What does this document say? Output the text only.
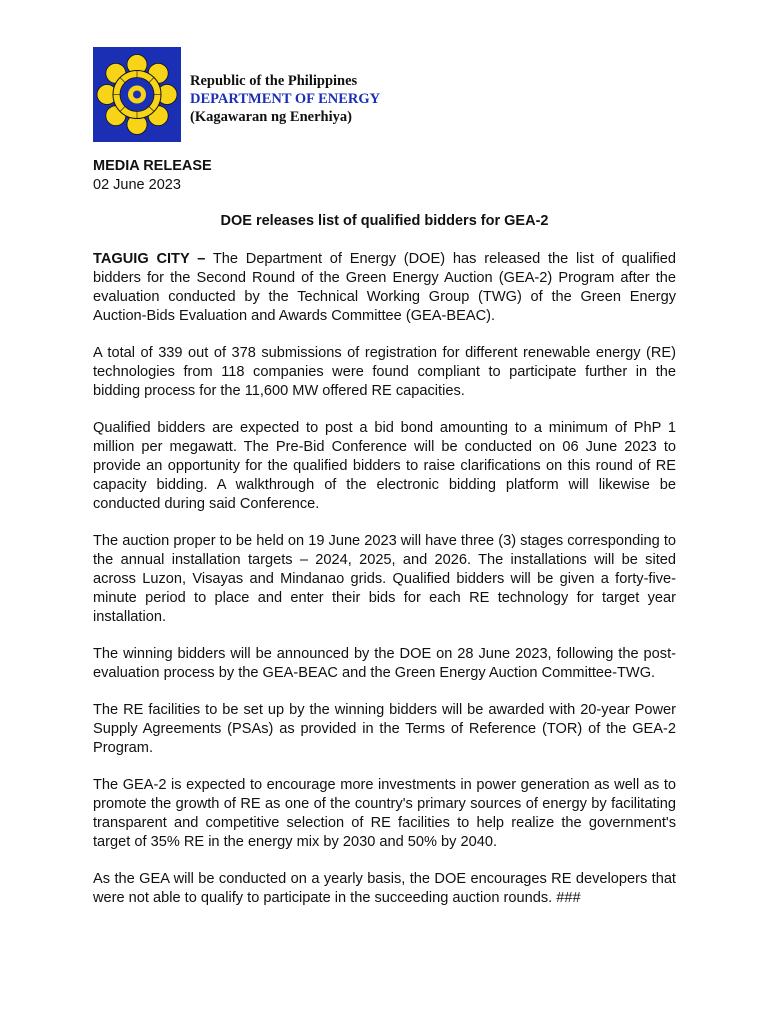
Republic of the Philippines
DEPARTMENT OF ENERGY
(Kagawaran ng Enerhiya)
MEDIA RELEASE
02 June 2023
DOE releases list of qualified bidders for GEA-2

TAGUIG CITY – The Department of Energy (DOE) has released the list of qualified bidders for the Second Round of the Green Energy Auction (GEA-2) Program after the evaluation conducted by the Technical Working Group (TWG) of the Green Energy Auction-Bids Evaluation and Awards Committee (GEA-BEAC).

A total of 339 out of 378 submissions of registration for different renewable energy (RE) technologies from 118 companies were found compliant to participate further in the bidding process for the 11,600 MW offered RE capacities.

Qualified bidders are expected to post a bid bond amounting to a minimum of PhP 1 million per megawatt. The Pre-Bid Conference will be conducted on 06 June 2023 to provide an opportunity for the qualified bidders to raise clarifications on this round of RE capacity bidding. A walkthrough of the electronic bidding platform will likewise be conducted during said Conference.

The auction proper to be held on 19 June 2023 will have three (3) stages corresponding to the annual installation targets – 2024, 2025, and 2026. The installations will be sited across Luzon, Visayas and Mindanao grids. Qualified bidders will be given a forty-five-minute period to place and enter their bids for each RE technology for target year installation.

The winning bidders will be announced by the DOE on 28 June 2023, following the post-evaluation process by the GEA-BEAC and the Green Energy Auction Committee-TWG.

The RE facilities to be set up by the winning bidders will be awarded with 20-year Power Supply Agreements (PSAs) as provided in the Terms of Reference (TOR) of the GEA-2 Program.

The GEA-2 is expected to encourage more investments in power generation as well as to promote the growth of RE as one of the country's primary sources of energy by facilitating transparent and competitive selection of RE facilities to help realize the government's target of 35% RE in the energy mix by 2030 and 50% by 2040.

As the GEA will be conducted on a yearly basis, the DOE encourages RE developers that were not able to qualify to participate in the succeeding auction rounds. ###
